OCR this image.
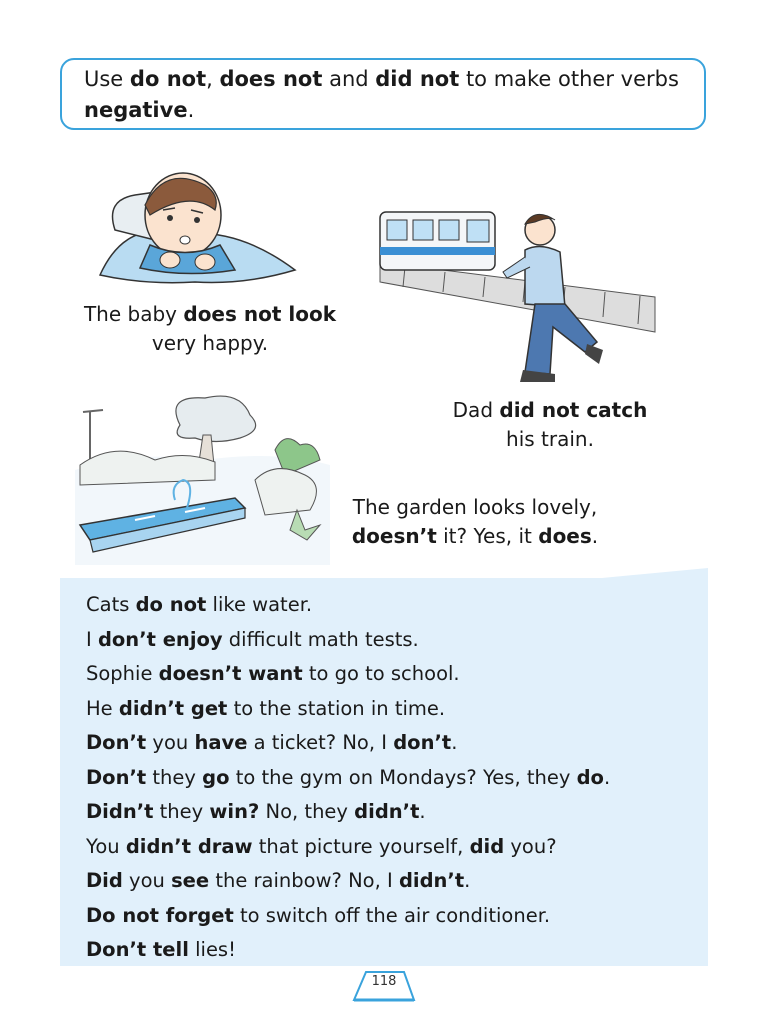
Use do not, does not and did not to make other verbs negative.
The baby does not look
very happy.
Dad did not catch
his train.
The garden looks lovely,
doesn’t it? Yes, it does.
Cats do not like water.
I don’t enjoy difficult math tests.
Sophie doesn’t want to go to school.
He didn’t get to the station in time.
Don’t you have a ticket? No, I don’t.
Don’t they go to the gym on Mondays? Yes, they do.
Didn’t they win? No, they didn’t.
You didn’t draw that picture yourself, did you?
Did you see the rainbow? No, I didn’t.
Do not forget to switch off the air conditioner.
Don’t tell lies!
118
